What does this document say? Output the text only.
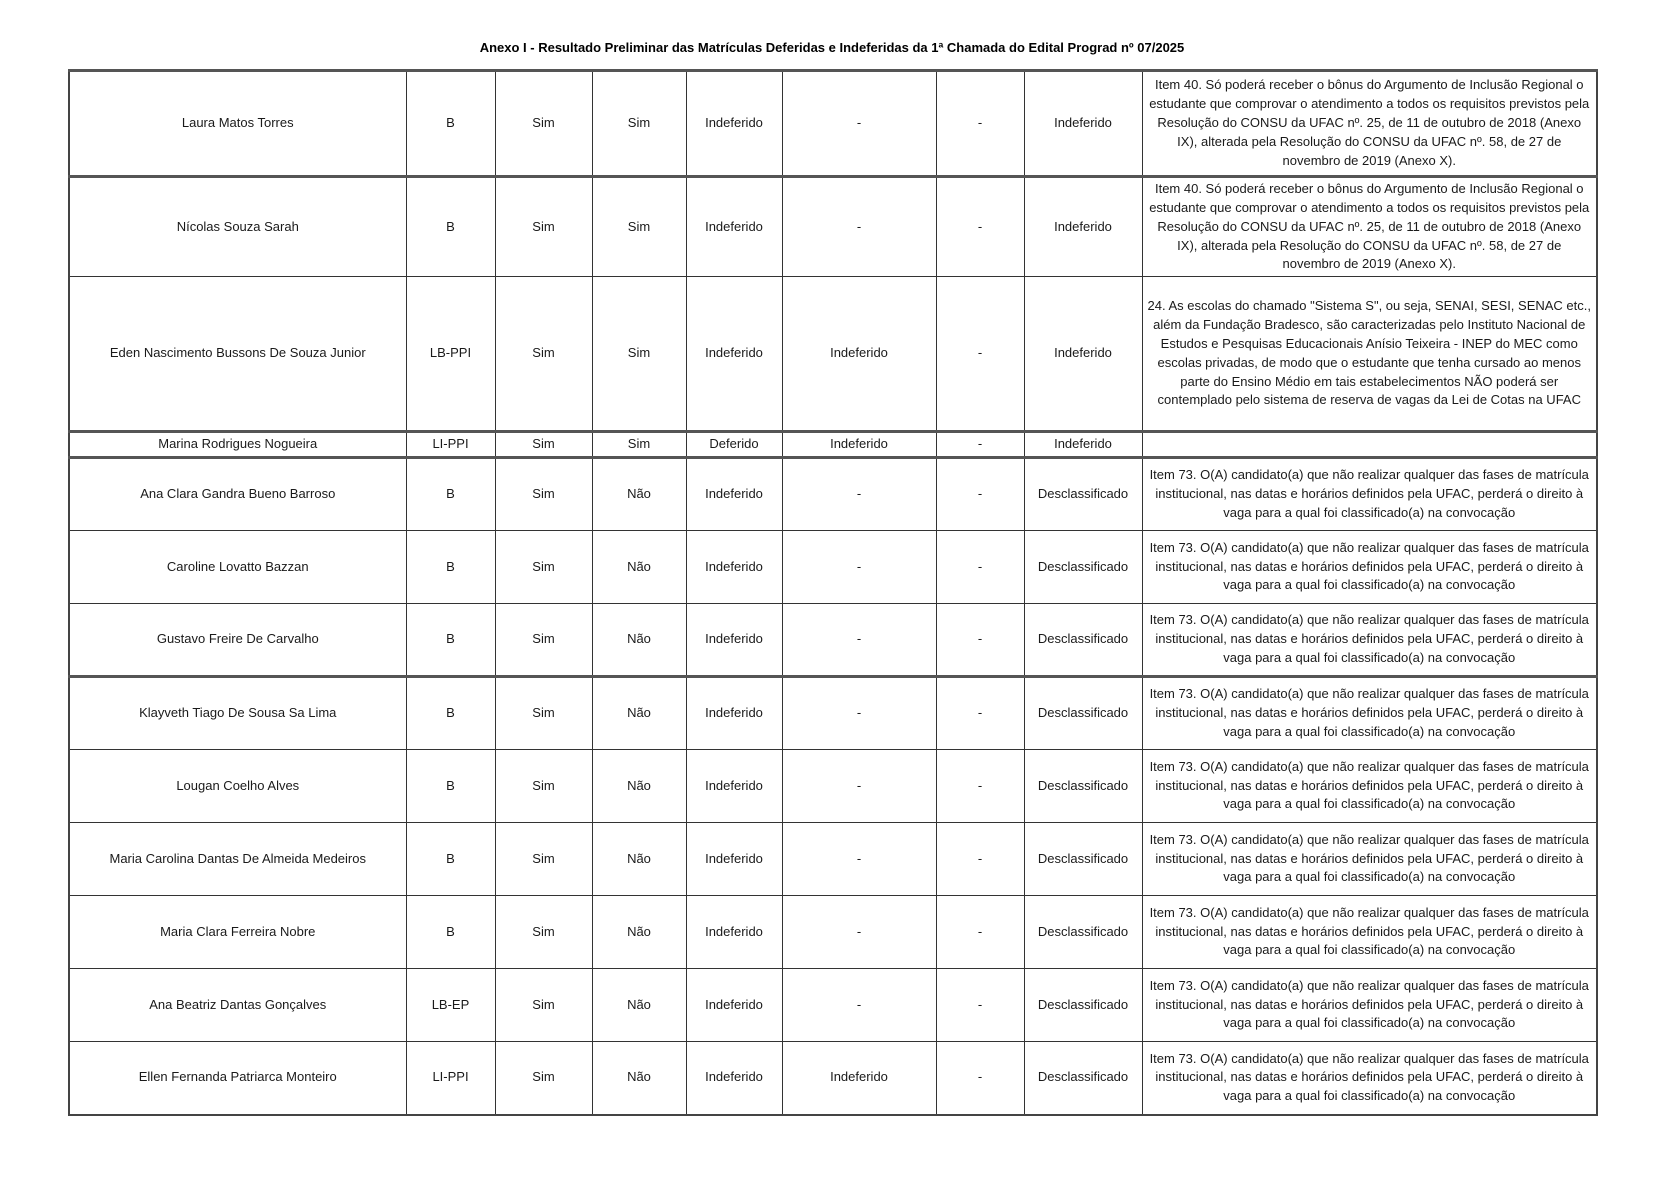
Anexo I - Resultado Preliminar das Matrículas Deferidas e Indeferidas da 1ª Chamada do Edital Prograd nº 07/2025
Laura Matos Torres	B	Sim	Sim	Indeferido	-	-	Indeferido	Item 40. Só poderá receber o bônus do Argumento de Inclusão Regional o estudante que comprovar o atendimento a todos os requisitos previstos pela Resolução do CONSU da UFAC nº. 25, de 11 de outubro de 2018 (Anexo IX), alterada pela Resolução do CONSU da UFAC nº. 58, de 27 de novembro de 2019 (Anexo X).
Nícolas Souza Sarah	B	Sim	Sim	Indeferido	-	-	Indeferido	Item 40. Só poderá receber o bônus do Argumento de Inclusão Regional o estudante que comprovar o atendimento a todos os requisitos previstos pela Resolução do CONSU da UFAC nº. 25, de 11 de outubro de 2018 (Anexo IX), alterada pela Resolução do CONSU da UFAC nº. 58, de 27 de novembro de 2019 (Anexo X).
Eden Nascimento Bussons De Souza Junior	LB-PPI	Sim	Sim	Indeferido	Indeferido	-	Indeferido	24. As escolas do chamado "Sistema S", ou seja, SENAI, SESI, SENAC etc., além da Fundação Bradesco, são caracterizadas pelo Instituto Nacional de Estudos e Pesquisas Educacionais Anísio Teixeira - INEP do MEC como escolas privadas, de modo que o estudante que tenha cursado ao menos parte do Ensino Médio em tais estabelecimentos NÃO poderá ser contemplado pelo sistema de reserva de vagas da Lei de Cotas na UFAC
Marina Rodrigues Nogueira	LI-PPI	Sim	Sim	Deferido	Indeferido	-	Indeferido	
Ana Clara Gandra Bueno Barroso	B	Sim	Não	Indeferido	-	-	Desclassificado	Item 73. O(A) candidato(a) que não realizar qualquer das fases de matrícula institucional, nas datas e horários definidos pela UFAC, perderá o direito à vaga para a qual foi classificado(a) na convocação
Caroline Lovatto Bazzan	B	Sim	Não	Indeferido	-	-	Desclassificado	Item 73. O(A) candidato(a) que não realizar qualquer das fases de matrícula institucional, nas datas e horários definidos pela UFAC, perderá o direito à vaga para a qual foi classificado(a) na convocação
Gustavo Freire De Carvalho	B	Sim	Não	Indeferido	-	-	Desclassificado	Item 73. O(A) candidato(a) que não realizar qualquer das fases de matrícula institucional, nas datas e horários definidos pela UFAC, perderá o direito à vaga para a qual foi classificado(a) na convocação
Klayveth Tiago De Sousa Sa Lima	B	Sim	Não	Indeferido	-	-	Desclassificado	Item 73. O(A) candidato(a) que não realizar qualquer das fases de matrícula institucional, nas datas e horários definidos pela UFAC, perderá o direito à vaga para a qual foi classificado(a) na convocação
Lougan Coelho Alves	B	Sim	Não	Indeferido	-	-	Desclassificado	Item 73. O(A) candidato(a) que não realizar qualquer das fases de matrícula institucional, nas datas e horários definidos pela UFAC, perderá o direito à vaga para a qual foi classificado(a) na convocação
Maria Carolina Dantas De Almeida Medeiros	B	Sim	Não	Indeferido	-	-	Desclassificado	Item 73. O(A) candidato(a) que não realizar qualquer das fases de matrícula institucional, nas datas e horários definidos pela UFAC, perderá o direito à vaga para a qual foi classificado(a) na convocação
Maria Clara Ferreira Nobre	B	Sim	Não	Indeferido	-	-	Desclassificado	Item 73. O(A) candidato(a) que não realizar qualquer das fases de matrícula institucional, nas datas e horários definidos pela UFAC, perderá o direito à vaga para a qual foi classificado(a) na convocação
Ana Beatriz Dantas Gonçalves	LB-EP	Sim	Não	Indeferido	-	-	Desclassificado	Item 73. O(A) candidato(a) que não realizar qualquer das fases de matrícula institucional, nas datas e horários definidos pela UFAC, perderá o direito à vaga para a qual foi classificado(a) na convocação
Ellen Fernanda Patriarca Monteiro	LI-PPI	Sim	Não	Indeferido	Indeferido	-	Desclassificado	Item 73. O(A) candidato(a) que não realizar qualquer das fases de matrícula institucional, nas datas e horários definidos pela UFAC, perderá o direito à vaga para a qual foi classificado(a) na convocação
